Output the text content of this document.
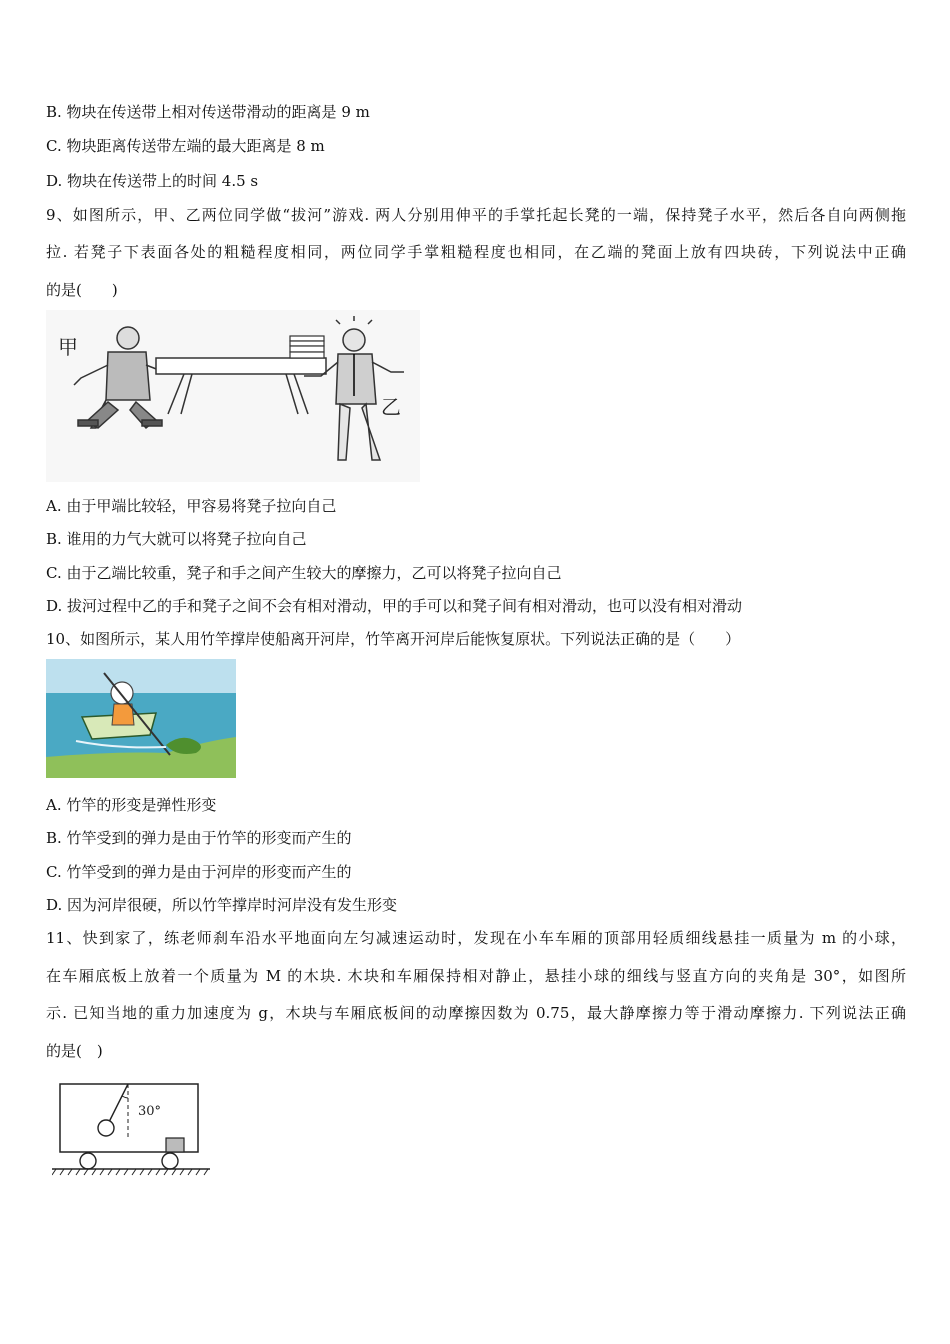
B. 物块在传送带上相对传送带滑动的距离是 9 m
C. 物块距离传送带左端的最大距离是 8 m
D. 物块在传送带上的时间 4.5 s
9、如图所示，甲、乙两位同学做“拔河”游戏. 两人分别用伸平的手掌托起长凳的一端，保持凳子水平，然后各自向两侧拖
拉. 若凳子下表面各处的粗糙程度相同，两位同学手掌粗糙程度也相同，在乙端的凳面上放有四块砖，下列说法中正确
的是(　　)
甲
乙
A. 由于甲端比较轻，甲容易将凳子拉向自己
B. 谁用的力气大就可以将凳子拉向自己
C. 由于乙端比较重，凳子和手之间产生较大的摩擦力，乙可以将凳子拉向自己
D. 拔河过程中乙的手和凳子之间不会有相对滑动，甲的手可以和凳子间有相对滑动，也可以没有相对滑动
10、如图所示，某人用竹竿撑岸使船离开河岸，竹竿离开河岸后能恢复原状。下列说法正确的是（　　）
A. 竹竿的形变是弹性形变
B. 竹竿受到的弹力是由于竹竿的形变而产生的
C. 竹竿受到的弹力是由于河岸的形变而产生的
D. 因为河岸很硬，所以竹竿撑岸时河岸没有发生形变
11、快到家了，练老师刹车沿水平地面向左匀减速运动时，发现在小车车厢的顶部用轻质细线悬挂一质量为 m 的小球，
在车厢底板上放着一个质量为 M 的木块. 木块和车厢保持相对静止，悬挂小球的细线与竖直方向的夹角是 30°，如图所
示. 已知当地的重力加速度为 g，木块与车厢底板间的动摩擦因数为 0.75，最大静摩擦力等于滑动摩擦力. 下列说法正确
的是(　)
30°
